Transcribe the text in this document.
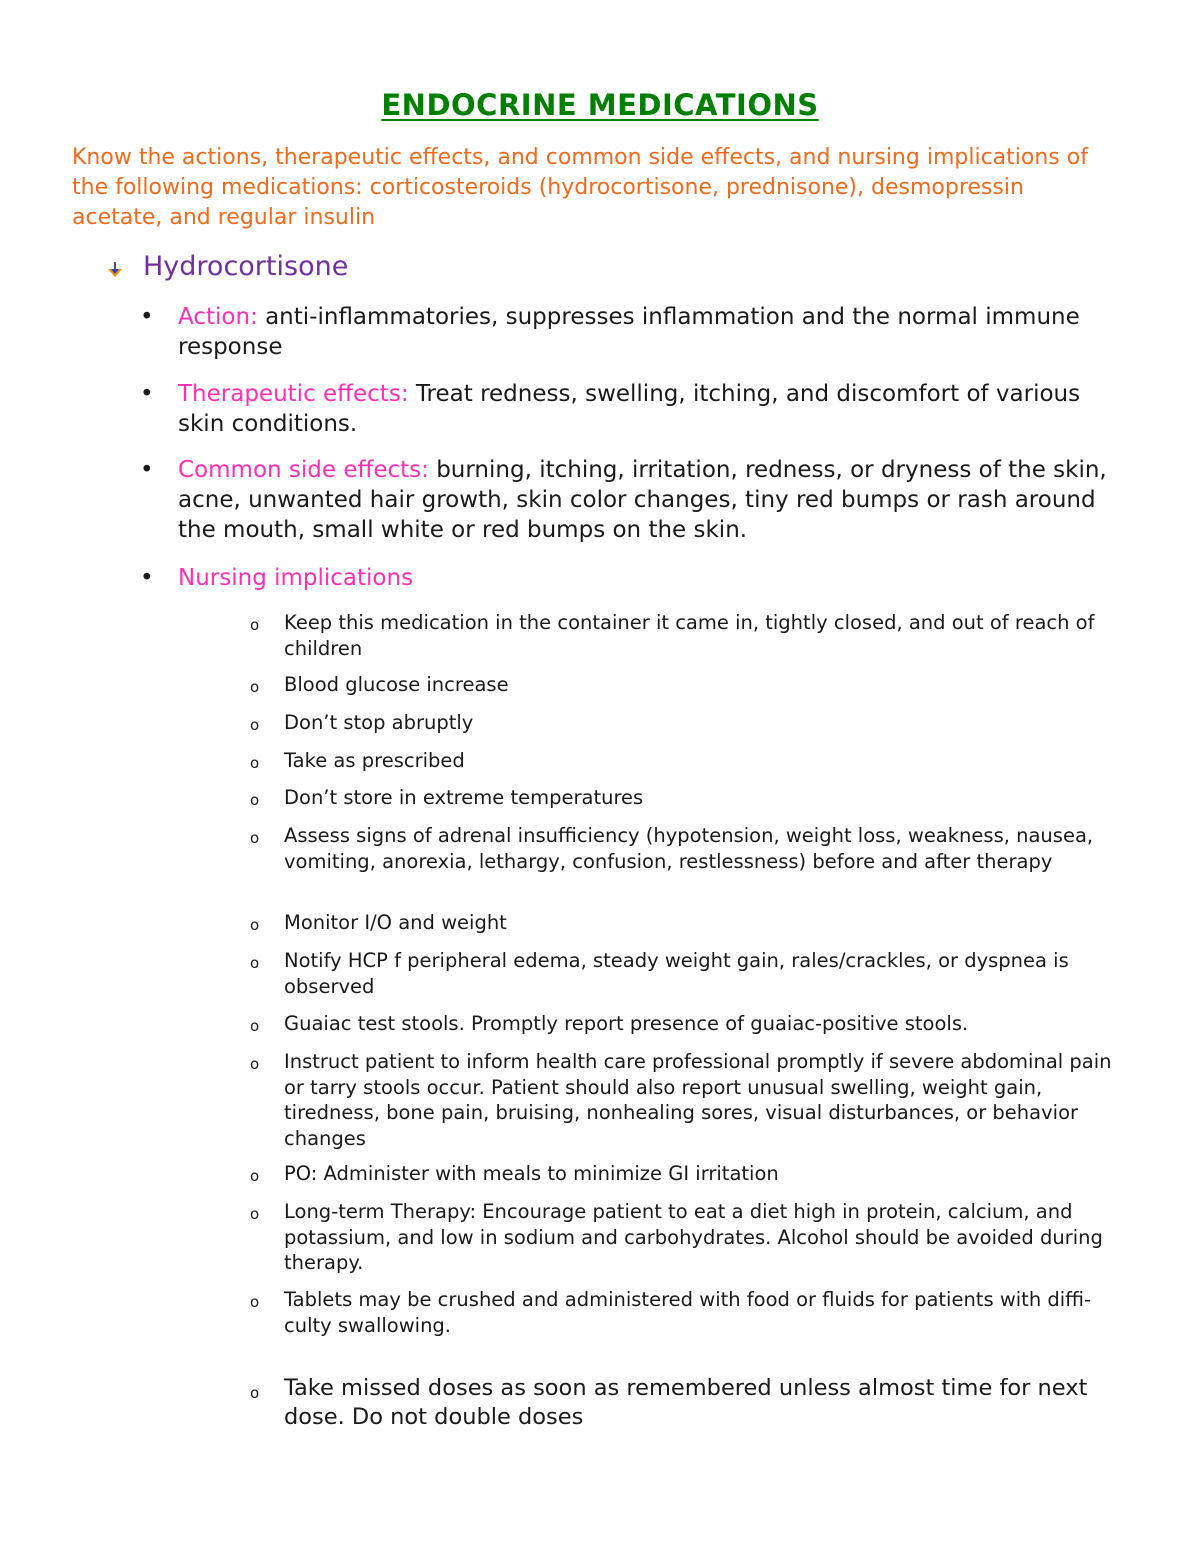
ENDOCRINE MEDICATIONS
Know the actions, therapeutic effects, and common side effects, and nursing implications of the following medications: corticosteroids (hydrocortisone, prednisone), desmopressin acetate, and regular insulin
Hydrocortisone
• Action: anti-inflammatories, suppresses inflammation and the normal immune response
• Therapeutic effects: Treat redness, swelling, itching, and discomfort of various skin conditions.
• Common side effects: burning, itching, irritation, redness, or dryness of the skin, acne, unwanted hair growth, skin color changes, tiny red bumps or rash around the mouth, small white or red bumps on the skin.
• Nursing implications
o Keep this medication in the container it came in, tightly closed, and out of reach of children
o Blood glucose increase
o Don’t stop abruptly
o Take as prescribed
o Don’t store in extreme temperatures
o Assess signs of adrenal insufficiency (hypotension, weight loss, weakness, nausea, vomiting, anorexia, lethargy, confusion, restlessness) before and after therapy
o Monitor I/O and weight
o Notify HCP f peripheral edema, steady weight gain, rales/crackles, or dyspnea is observed
o Guaiac test stools. Promptly report presence of guaiac-positive stools.
o Instruct patient to inform health care professional promptly if severe abdominal pain or tarry stools occur. Patient should also report unusual swelling, weight gain, tiredness, bone pain, bruising, nonhealing sores, visual disturbances, or behavior changes
o PO: Administer with meals to minimize GI irritation
o Long-term Therapy: Encourage patient to eat a diet high in protein, calcium, and potassium, and low in sodium and carbohydrates. Alcohol should be avoided during therapy.
o Tablets may be crushed and administered with food or fluids for patients with diffi-
culty swallowing.
o Take missed doses as soon as remembered unless almost time for next dose. Do not double doses
